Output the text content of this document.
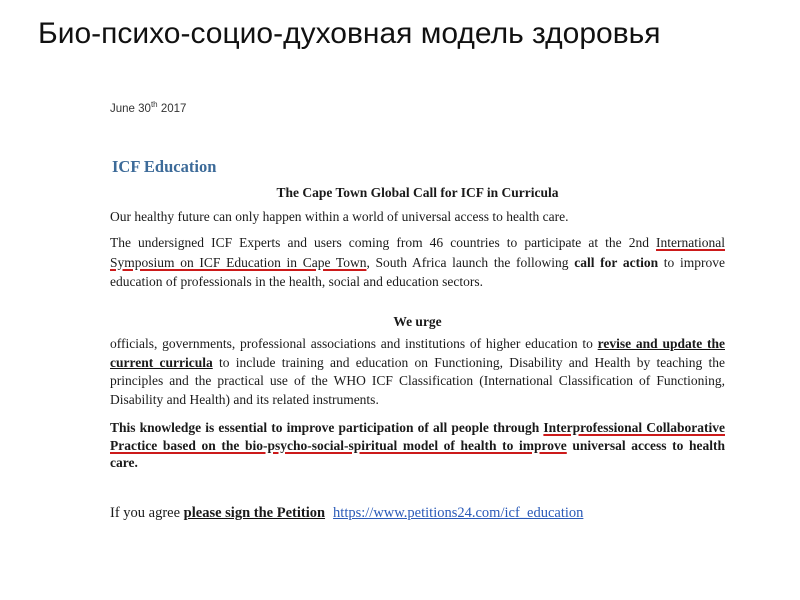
Био-психо-социо-духовная модель здоровья
June 30th 2017
ICF Education
The Cape Town Global Call for ICF in Curricula
Our healthy future can only happen within a world of universal access to health care.
The undersigned ICF Experts and users coming from 46 countries to participate at the 2nd International Symposium on ICF Education in Cape Town, South Africa launch the following call for action to improve education of professionals in the health, social and education sectors.
We urge
officials, governments, professional associations and institutions of higher education to revise and update the current curricula to include training and education on Functioning, Disability and Health by teaching the principles and the practical use of the WHO ICF Classification (International Classification of Functioning, Disability and Health) and its related instruments.
This knowledge is essential to improve participation of all people through Interprofessional Collaborative Practice based on the bio-psycho-social-spiritual model of health to improve universal access to health care.
If you agree please sign the Petition https://www.petitions24.com/icf_education
